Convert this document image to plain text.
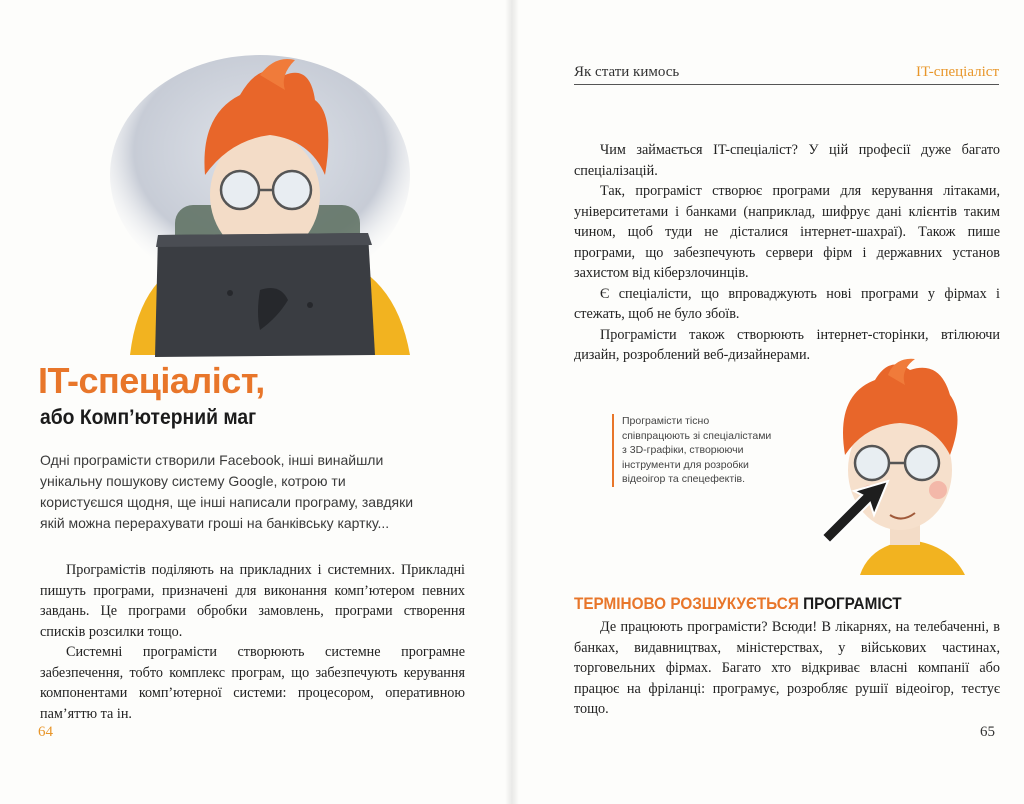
IT-спеціаліст,
або Комп’ютерний маг

Одні програмісти створили Facebook, інші винайшли унікальну пошукову систему Google, котрою ти користуєшся щодня, ще інші написали програму, завдяки якій можна перерахувати гроші на банківську картку...

Програмістів поділяють на прикладних і системних. Прикладні пишуть програми, призначені для виконання комп’ютером певних завдань. Це програми обробки замовлень, програми створення списків розсилки тощо.

Системні програмісти створюють системне програмне забезпечення, тобто комплекс програм, що забезпечують керування компонентами комп’ютерної системи: процесором, оперативною пам’яттю та ін.

64
Як стати кимось	IT-спеціаліст

Чим займається IT-спеціаліст? У цій професії дуже багато спеціалізацій.

Так, програміст створює програми для керування літаками, університетами і банками (наприклад, шифрує дані клієнтів таким чином, щоб туди не дісталися інтернет-шахраї). Також пише програми, що забезпечують сервери фірм і державних установ захистом від кіберзлочинців.

Є спеціалісти, що впроваджують нові програми у фірмах і стежать, щоб не було збоїв.

Програмісти також створюють інтернет-сторінки, втілюючи дизайн, розроблений веб-дизайнерами.

Програмісти тісно співпрацюють зі спеціалістами з 3D-графіки, створюючи інструменти для розробки відеоігор та спецефектів.
ТЕРМІНОВО РОЗШУКУЄТЬСЯ ПРОГРАМІСТ

Де працюють програмісти? Всюди! В лікарнях, на телебаченні, в банках, видавництвах, міністерствах, у військових частинах, торговельних фірмах. Багато хто відкриває власні компанії або працює на фріланці: програмує, розробляє рушії відеоігор, тестує тощо.

65
